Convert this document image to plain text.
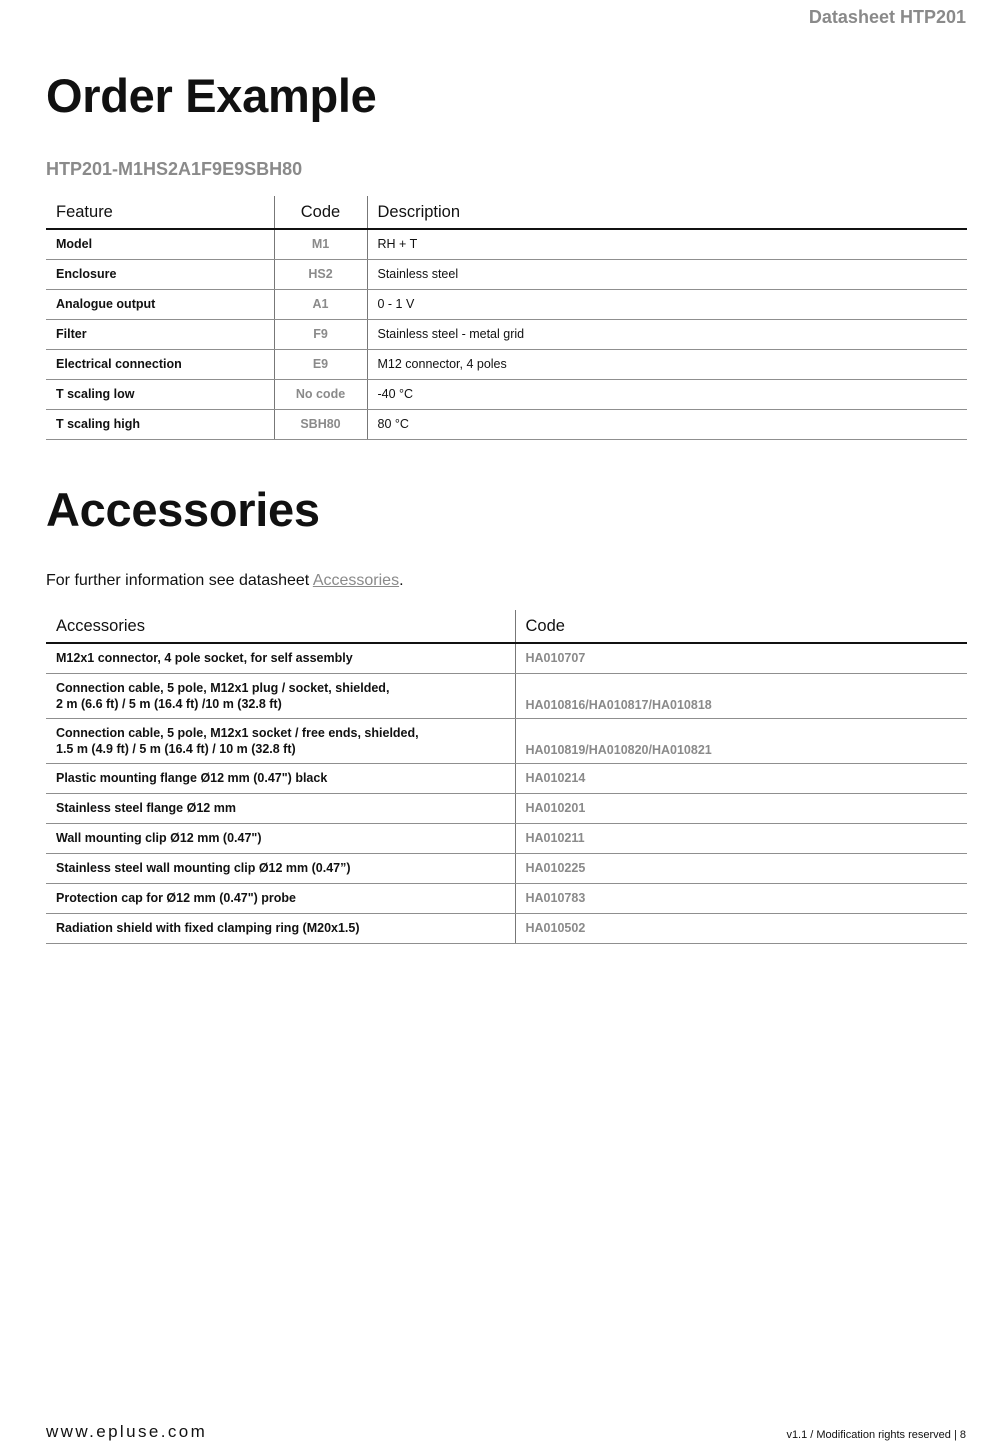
Datasheet HTP201
Order Example
HTP201-M1HS2A1F9E9SBH80
Feature	Code	Description
Model	M1	RH + T
Enclosure	HS2	Stainless steel
Analogue output	A1	0 - 1 V
Filter	F9	Stainless steel - metal grid
Electrical connection	E9	M12 connector, 4 poles
T scaling low	No code	-40 °C
T scaling high	SBH80	80 °C
Accessories

For further information see datasheet Accessories.

Accessories	Code
M12x1 connector, 4 pole socket, for self assembly	HA010707
Connection cable, 5 pole, M12x1 plug / socket, shielded,
2 m (6.6 ft) / 5 m (16.4 ft) /10 m (32.8 ft)	HA010816/HA010817/HA010818
Connection cable, 5 pole, M12x1 socket / free ends, shielded,
1.5 m (4.9 ft) / 5 m (16.4 ft) / 10 m (32.8 ft)	HA010819/HA010820/HA010821
Plastic mounting flange Ø12 mm (0.47") black	HA010214
Stainless steel flange Ø12 mm	HA010201
Wall mounting clip Ø12 mm (0.47")	HA010211
Stainless steel wall mounting clip Ø12 mm (0.47”)	HA010225
Protection cap for Ø12 mm (0.47") probe	HA010783
Radiation shield with fixed clamping ring (M20x1.5)	HA010502
www.epluse.com	v1.1 / Modification rights reserved | 8
